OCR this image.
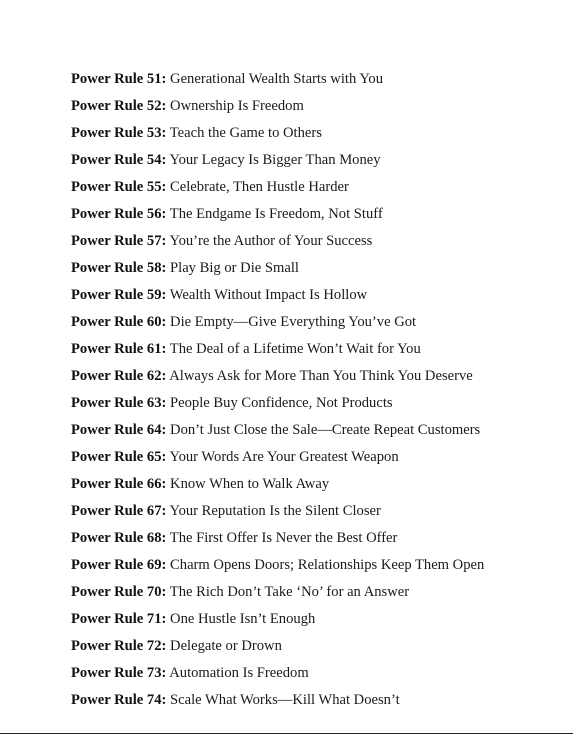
Power Rule 51: Generational Wealth Starts with You
Power Rule 52: Ownership Is Freedom
Power Rule 53: Teach the Game to Others
Power Rule 54: Your Legacy Is Bigger Than Money
Power Rule 55: Celebrate, Then Hustle Harder
Power Rule 56: The Endgame Is Freedom, Not Stuff
Power Rule 57: You’re the Author of Your Success
Power Rule 58: Play Big or Die Small
Power Rule 59: Wealth Without Impact Is Hollow
Power Rule 60: Die Empty—Give Everything You’ve Got
Power Rule 61: The Deal of a Lifetime Won’t Wait for You
Power Rule 62: Always Ask for More Than You Think You Deserve
Power Rule 63: People Buy Confidence, Not Products
Power Rule 64: Don’t Just Close the Sale—Create Repeat Customers
Power Rule 65: Your Words Are Your Greatest Weapon
Power Rule 66: Know When to Walk Away
Power Rule 67: Your Reputation Is the Silent Closer
Power Rule 68: The First Offer Is Never the Best Offer
Power Rule 69: Charm Opens Doors; Relationships Keep Them Open
Power Rule 70: The Rich Don’t Take ‘No’ for an Answer
Power Rule 71: One Hustle Isn’t Enough
Power Rule 72: Delegate or Drown
Power Rule 73: Automation Is Freedom
Power Rule 74: Scale What Works—Kill What Doesn’t
